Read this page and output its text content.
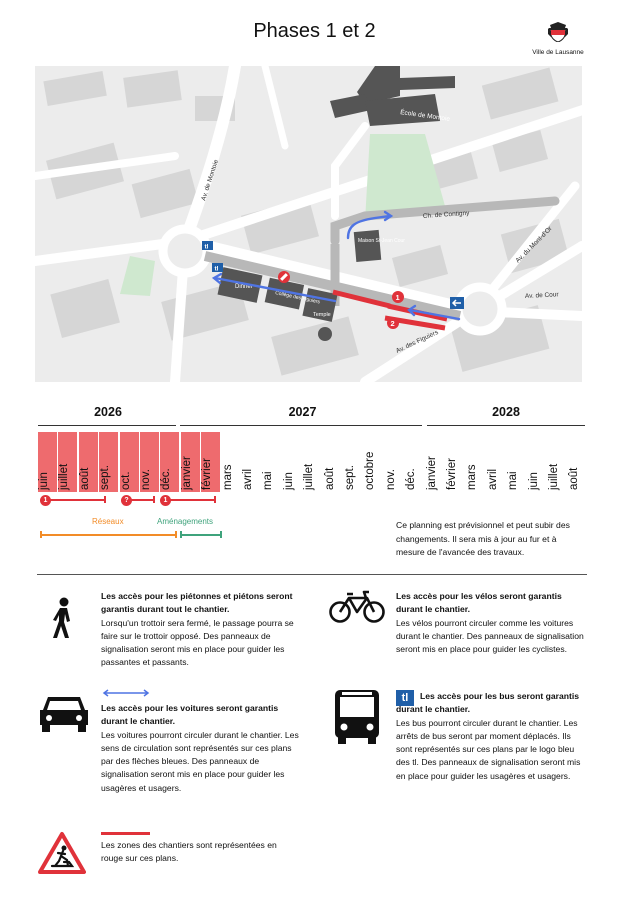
Phases 1 et 2
Ville de Lausanne
École de Montoie
Dinner
Collège des Figuiers
Temple
Maison St-Jean Cour
tl
tl
1
2
Av. de Montoie
Ch. de Contigny
Av. du Mont-d'Or
Av. de Cour
Av. des Figuiers
2026	2027	2028
juin juillet août sept. oct. nov. déc. janvier février mars avril mai juin juillet août sept. octobre nov. déc. janvier février mars avril mai juin juillet août
1	?	1
Réseaux	Aménagements	Ce planning est prévisionnel et peut subir des changements. Il sera mis à jour au fur et à mesure de l'avancée des travaux.
Les accès pour les piétonnes et piétons seront garantis durant tout le chantier.
Lorsqu'un trottoir sera fermé, le passage pourra se faire sur le trottoir opposé. Des panneaux de signalisation seront mis en place pour guider les passantes et passants.
Les accès pour les vélos seront garantis durant le chantier.
Les vélos pourront circuler comme les voitures durant le chantier. Des panneaux de signalisation seront mis en place pour guider les cyclistes.
Les accès pour les voitures seront garantis durant le chantier.
Les voitures pourront circuler durant le chantier. Les sens de circulation sont représentés sur ces plans par des flèches bleues. Des panneaux de signalisation seront mis en place pour guider les usagères et usagers.
tl	Les accès pour les bus seront garantis durant le chantier.
Les bus pourront circuler durant le chantier. Les arrêts de bus seront par moment déplacés. Ils sont représentés sur ces plans par le logo bleu des tl. Des panneaux de signalisation seront mis en place pour guider les usagères et usagers.
Les zones des chantiers sont représentées en rouge sur ces plans.
